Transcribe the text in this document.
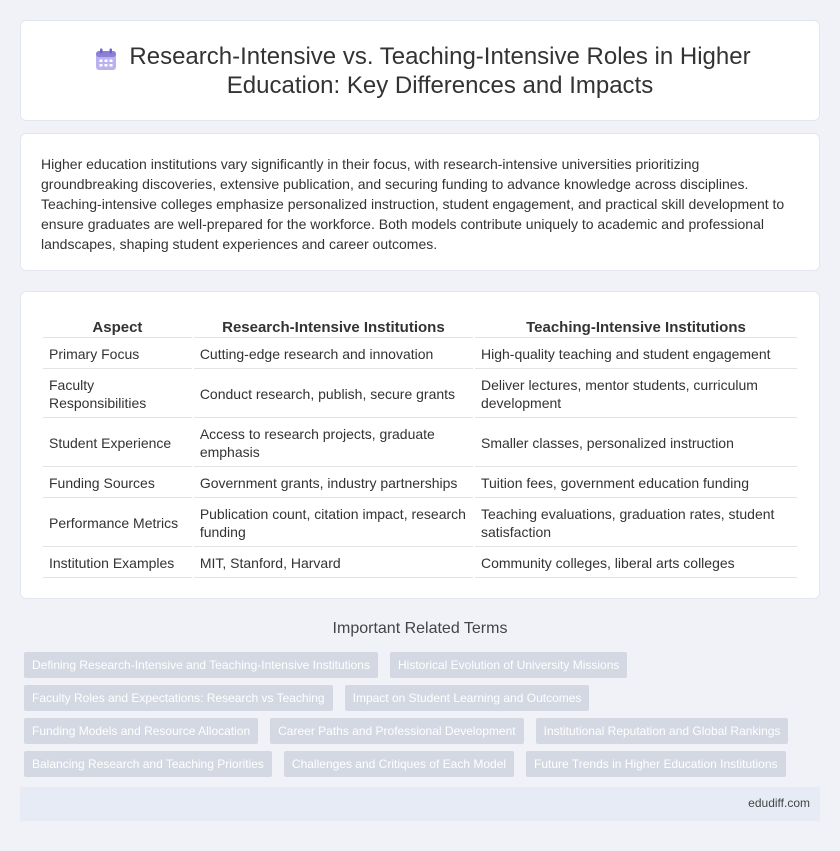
Research-Intensive vs. Teaching-Intensive Roles in Higher Education: Key Differences and Impacts

Higher education institutions vary significantly in their focus, with research-intensive universities prioritizing groundbreaking discoveries, extensive publication, and securing funding to advance knowledge across disciplines. Teaching-intensive colleges emphasize personalized instruction, student engagement, and practical skill development to ensure graduates are well-prepared for the workforce. Both models contribute uniquely to academic and professional landscapes, shaping student experiences and career outcomes.

Aspect	Research-Intensive Institutions	Teaching-Intensive Institutions
Primary Focus	Cutting-edge research and innovation	High-quality teaching and student engagement
Faculty Responsibilities	Conduct research, publish, secure grants	Deliver lectures, mentor students, curriculum development
Student Experience	Access to research projects, graduate emphasis	Smaller classes, personalized instruction
Funding Sources	Government grants, industry partnerships	Tuition fees, government education funding
Performance Metrics	Publication count, citation impact, research funding	Teaching evaluations, graduation rates, student satisfaction
Institution Examples	MIT, Stanford, Harvard	Community colleges, liberal arts colleges
Important Related Terms
Defining Research-Intensive and Teaching-Intensive Institutions	Historical Evolution of University Missions
Faculty Roles and Expectations: Research vs Teaching	Impact on Student Learning and Outcomes
Funding Models and Resource Allocation	Career Paths and Professional Development	Institutional Reputation and Global Rankings
Balancing Research and Teaching Priorities	Challenges and Critiques of Each Model	Future Trends in Higher Education Institutions
edudiff.com
